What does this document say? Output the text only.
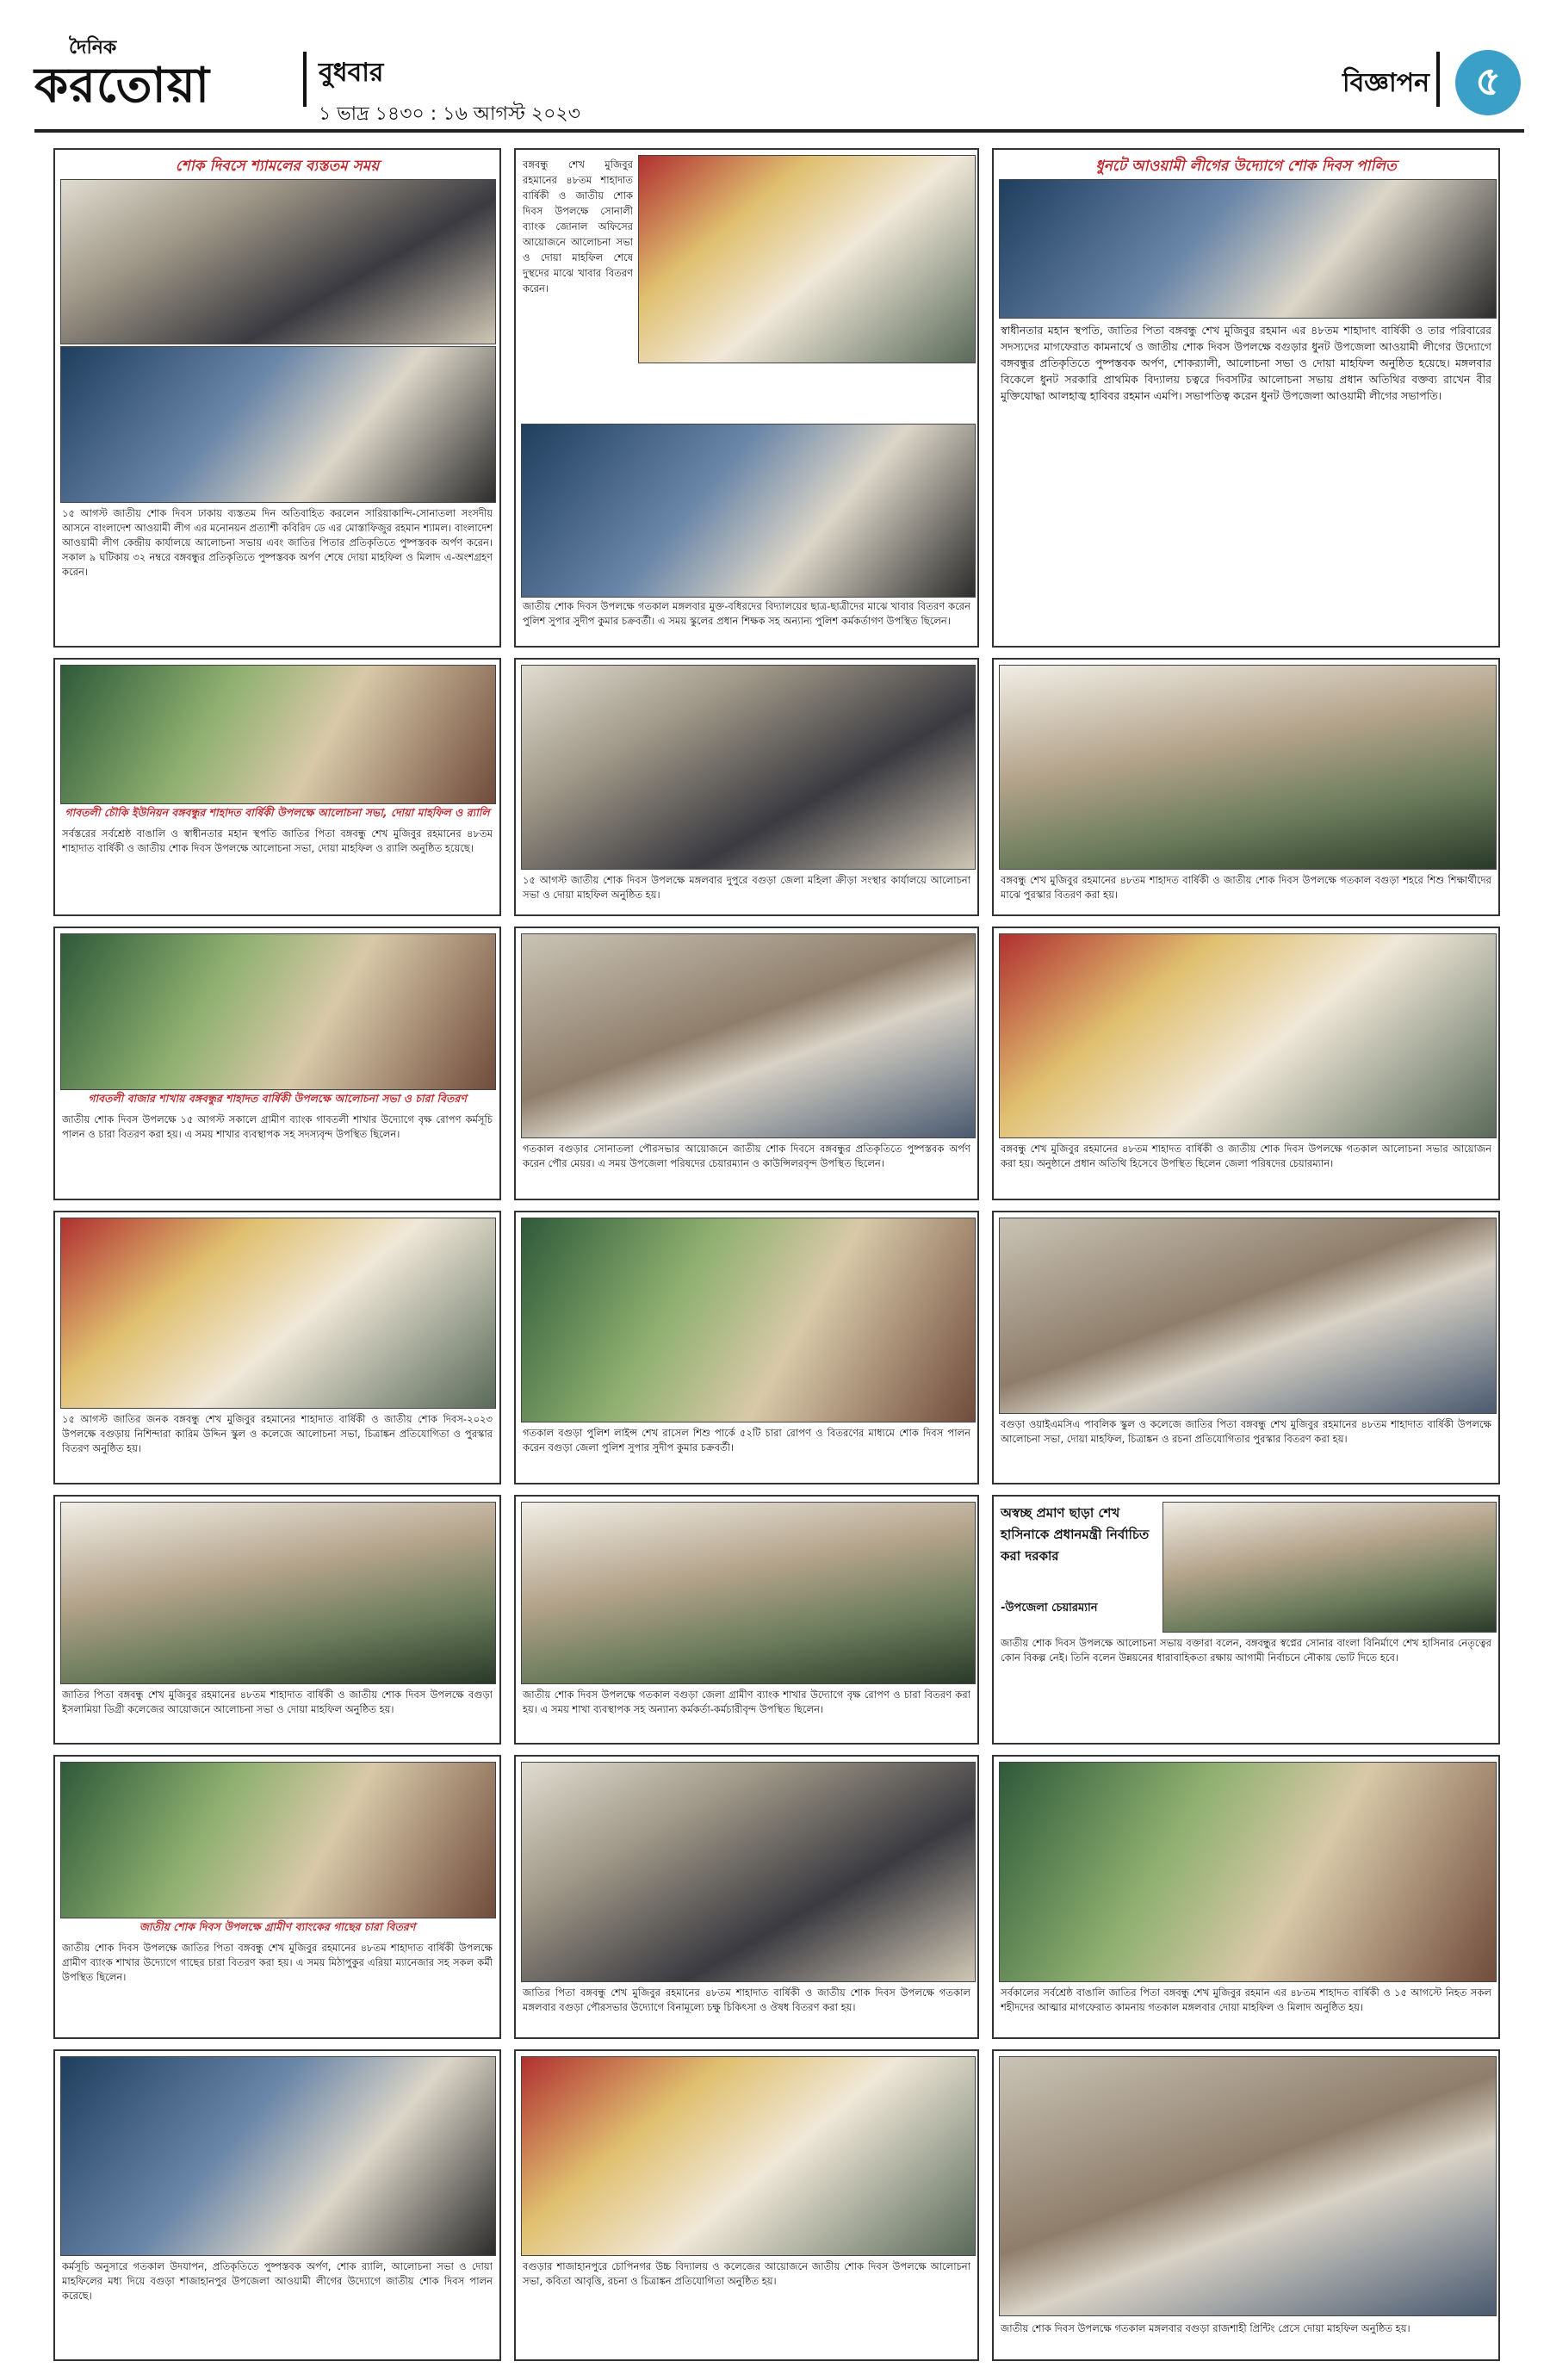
দৈনিক
করতোয়া	বুধবার
১ ভাদ্র ১৪৩০ : ১৬ আগস্ট ২০২৩
বিজ্ঞাপন	৫
শোক দিবসে শ্যামলের ব্যস্ততম সময়
১৫ আগস্ট জাতীয় শোক দিবস ঢাকায় ব্যস্ততম দিন অতিবাহিত করলেন সারিয়াকান্দি-সোনাতলা সংসদীয় আসনে বাংলাদেশ আওয়ামী লীগ এর মনোনয়ন প্রত্যাশী কবিরিদ ডে এর মোস্তাফিজুর রহমান শ্যামল। বাংলাদেশ আওয়ামী লীগ কেন্দ্রীয় কার্যালয়ে আলোচনা সভায় এবং জাতির পিতার প্রতিকৃতিতে পুষ্পস্তবক অর্পণ করেন। সকাল ৯ ঘটিকায় ৩২ নম্বরে বঙ্গবন্ধুর প্রতিকৃতিতে পুষ্পস্তবক অর্পণ শেষে দোয়া মাহফিল ও মিলাদ এ-অংশগ্রহণ করেন।
গাবতলী চৌকি ইউনিয়ন বঙ্গবন্ধুর শাহাদত বার্ষিকী উপলক্ষে আলোচনা সভা, দোয়া মাহফিল ও র‌্যালি
সর্বস্তরের সর্বশ্রেষ্ঠ বাঙালি ও স্বাধীনতার মহান স্থপতি জাতির পিতা বঙ্গবন্ধু শেখ মুজিবুর রহমানের ৪৮তম শাহাদাত বার্ষিকী ও জাতীয় শোক দিবস উপলক্ষে আলোচনা সভা, দোয়া মাহফিল ও র‌্যালি অনুষ্ঠিত হয়েছে।
গাবতলী বাজার শাখায় বঙ্গবন্ধুর শাহাদত বার্ষিকী উপলক্ষে আলোচনা সভা ও চারা বিতরণ
জাতীয় শোক দিবস উপলক্ষে ১৫ আগস্ট সকালে গ্রামীণ ব্যাংক গাবতলী শাখার উদ্যোগে বৃক্ষ রোপণ কর্মসূচি পালন ও চারা বিতরণ করা হয়। এ সময় শাখার ব্যবস্থাপক সহ সদস্যবৃন্দ উপস্থিত ছিলেন।
১৫ আগস্ট জাতির জনক বঙ্গবন্ধু শেখ মুজিবুর রহমানের শাহাদাত বার্ষিকী ও জাতীয় শোক দিবস-২০২৩ উপলক্ষে বগুড়ায় নিশিন্দারা কারিম উদ্দিন স্কুল ও কলেজে আলোচনা সভা, চিত্রাঙ্কন প্রতিযোগিতা ও পুরস্কার বিতরণ অনুষ্ঠিত হয়।
জাতির পিতা বঙ্গবন্ধু শেখ মুজিবুর রহমানের ৪৮তম শাহাদাত বার্ষিকী ও জাতীয় শোক দিবস উপলক্ষে বগুড়া ইসলামিয়া ডিগ্রী কলেজের আয়োজনে আলোচনা সভা ও দোয়া মাহফিল অনুষ্ঠিত হয়।
জাতীয় শোক দিবস উপলক্ষে গ্রামীণ ব্যাংকের গাছের চারা বিতরণ
জাতীয় শোক দিবস উপলক্ষে জাতির পিতা বঙ্গবন্ধু শেখ মুজিবুর রহমানের ৪৮তম শাহাদাত বার্ষিকী উপলক্ষে গ্রামীণ ব্যাংক শাখার উদ্যোগে গাছের চারা বিতরণ করা হয়। এ সময় মিঠাপুকুর এরিয়া ম্যানেজার সহ সকল কর্মী উপস্থিত ছিলেন।
কর্মসূচি অনুসারে গতকাল উদযাপন, প্রতিকৃতিতে পুষ্পস্তবক অর্পণ, শোক র‌্যালি, আলোচনা সভা ও দোয়া মাহফিলের মধ্য দিয়ে বগুড়া শাজাহানপুর উপজেলা আওয়ামী লীগের উদ্যোগে জাতীয় শোক দিবস পালন করেছে।
বঙ্গবন্ধু শেখ মুজিবুর রহমানের ৪৮তম শাহাদাত বার্ষিকী ও জাতীয় শোক দিবস উপলক্ষে সোনালী ব্যাংক জোনাল অফিসের আয়োজনে আলোচনা সভা ও দোয়া মাহফিল শেষে দুস্থদের মাঝে খাবার বিতরণ করেন।
জাতীয় শোক দিবস উপলক্ষে গতকাল মঙ্গলবার মুক্ত-বধিরদের বিদ্যালয়ের ছাত্র-ছাত্রীদের মাঝে খাবার বিতরণ করেন পুলিশ সুপার সুদীপ কুমার চক্রবর্তী। এ সময় স্কুলের প্রধান শিক্ষক সহ অন্যান্য পুলিশ কর্মকর্তাগণ উপস্থিত ছিলেন।
১৫ আগস্ট জাতীয় শোক দিবস উপলক্ষে মঙ্গলবার দুপুরে বগুড়া জেলা মহিলা ক্রীড়া সংস্থার কার্যালয়ে আলোচনা সভা ও দোয়া মাহফিল অনুষ্ঠিত হয়।
গতকাল বগুড়ার সোনাতলা পৌরসভার আয়োজনে জাতীয় শোক দিবসে বঙ্গবন্ধুর প্রতিকৃতিতে পুষ্পস্তবক অর্পণ করেন পৌর মেয়র। এ সময় উপজেলা পরিষদের চেয়ারম্যান ও কাউন্সিলরবৃন্দ উপস্থিত ছিলেন।
গতকাল বগুড়া পুলিশ লাইন্স শেখ রাসেল শিশু পার্কে ৫২টি চারা রোপণ ও বিতরণের মাধ্যমে শোক দিবস পালন করেন বগুড়া জেলা পুলিশ সুপার সুদীপ কুমার চক্রবর্তী।
জাতীয় শোক দিবস উপলক্ষে গতকাল বগুড়া জেলা গ্রামীণ ব্যাংক শাখার উদ্যোগে বৃক্ষ রোপণ ও চারা বিতরণ করা হয়। এ সময় শাখা ব্যবস্থাপক সহ অন্যান্য কর্মকর্তা-কর্মচারীবৃন্দ উপস্থিত ছিলেন।
জাতির পিতা বঙ্গবন্ধু শেখ মুজিবুর রহমানের ৪৮তম শাহাদাত বার্ষিকী ও জাতীয় শোক দিবস উপলক্ষে গতকাল মঙ্গলবার বগুড়া পৌরসভার উদ্যোগে বিনামূল্যে চক্ষু চিকিৎসা ও ঔষধ বিতরণ করা হয়।
বগুড়ার শাজাহানপুরে চোপিনগর উচ্চ বিদ্যালয় ও কলেজের আয়োজনে জাতীয় শোক দিবস উপলক্ষে আলোচনা সভা, কবিতা আবৃত্তি, রচনা ও চিত্রাঙ্কন প্রতিযোগিতা অনুষ্ঠিত হয়।
ধুনটে আওয়ামী লীগের উদ্যোগে শোক দিবস পালিত
স্বাধীনতার মহান স্থপতি, জাতির পিতা বঙ্গবন্ধু শেখ মুজিবুর রহমান এর ৪৮তম শাহাদাৎ বার্ষিকী ও তার পরিবারের সদস্যদের মাগফেরাত কামনার্থে ও জাতীয় শোক দিবস উপলক্ষে বগুড়ার ধুনট উপজেলা আওয়ামী লীগের উদ্যোগে বঙ্গবন্ধুর প্রতিকৃতিতে পুষ্পস্তবক অর্পণ, শোকর‌্যালী, আলোচনা সভা ও দোয়া মাহফিল অনুষ্ঠিত হয়েছে। মঙ্গলবার বিকেলে ধুনট সরকারি প্রাথমিক বিদ্যালয় চত্বরে দিবসটির আলোচনা সভায় প্রধান অতিথির বক্তব্য রাখেন বীর মুক্তিযোদ্ধা আলহাজ্ব হাবিবর রহমান এমপি। সভাপতিত্ব করেন ধুনট উপজেলা আওয়ামী লীগের সভাপতি।
বঙ্গবন্ধু শেখ মুজিবুর রহমানের ৪৮তম শাহাদত বার্ষিকী ও জাতীয় শোক দিবস উপলক্ষে গতকাল বগুড়া শহরে শিশু শিক্ষার্থীদের মাঝে পুরস্কার বিতরণ করা হয়।
বঙ্গবন্ধু শেখ মুজিবুর রহমানের ৪৮তম শাহাদত বার্ষিকী ও জাতীয় শোক দিবস উপলক্ষে গতকাল আলোচনা সভার আয়োজন করা হয়। অনুষ্ঠানে প্রধান অতিথি হিসেবে উপস্থিত ছিলেন জেলা পরিষদের চেয়ারম্যান।
বগুড়া ওয়াইএমসিএ পাবলিক স্কুল ও কলেজে জাতির পিতা বঙ্গবন্ধু শেখ মুজিবুর রহমানের ৪৮তম শাহাদাত বার্ষিকী উপলক্ষে আলোচনা সভা, দোয়া মাহফিল, চিত্রাঙ্কন ও রচনা প্রতিযোগিতার পুরস্কার বিতরণ করা হয়।
অস্বচ্ছ প্রমাণ ছাড়া শেখ হাসিনাকে প্রধানমন্ত্রী নির্বাচিত করা দরকার
-উপজেলা চেয়ারম্যান
জাতীয় শোক দিবস উপলক্ষে আলোচনা সভায় বক্তারা বলেন, বঙ্গবন্ধুর স্বপ্নের সোনার বাংলা বিনির্মাণে শেখ হাসিনার নেতৃত্বের কোন বিকল্প নেই। তিনি বলেন উন্নয়নের ধারাবাহিকতা রক্ষায় আগামী নির্বাচনে নৌকায় ভোট দিতে হবে।
সর্বকালের সর্বশ্রেষ্ঠ বাঙালি জাতির পিতা বঙ্গবন্ধু শেখ মুজিবুর রহমান এর ৪৮তম শাহাদত বার্ষিকী ও ১৫ আগস্টে নিহত সকল শহীদদের আত্মার মাগফেরাত কামনায় গতকাল মঙ্গলবার দোয়া মাহফিল ও মিলাদ অনুষ্ঠিত হয়।
জাতীয় শোক দিবস উপলক্ষে গতকাল মঙ্গলবার বগুড়া রাজশাহী প্রিন্টিং প্রেসে দোয়া মাহফিল অনুষ্ঠিত হয়।
